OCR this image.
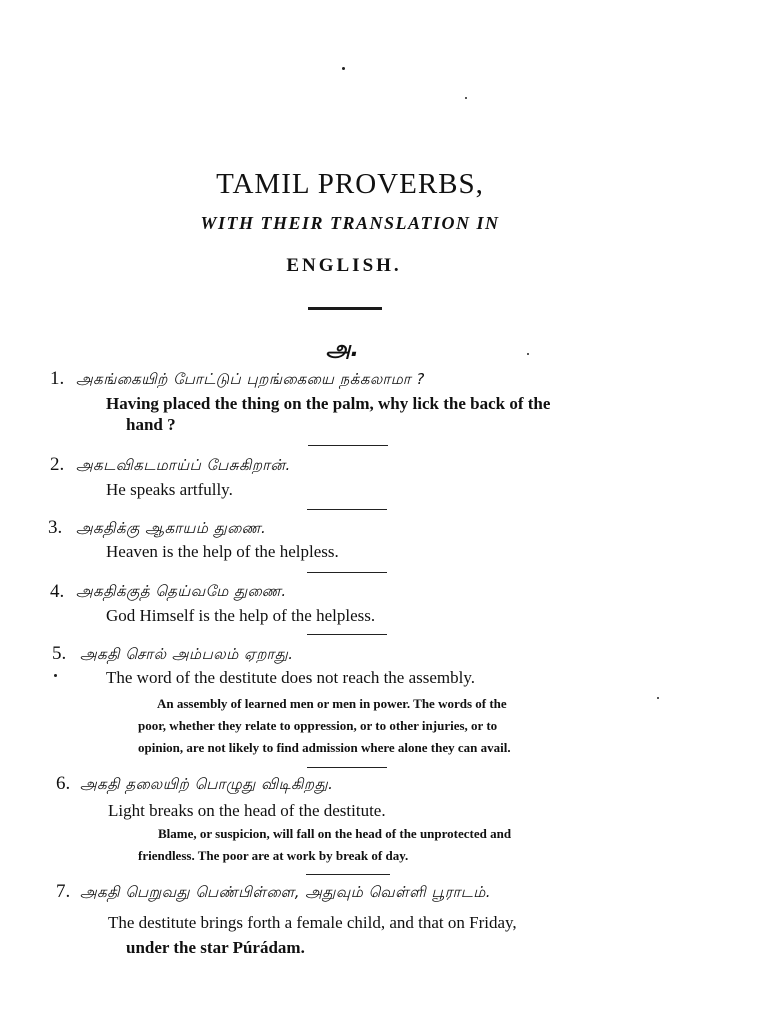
TAMIL PROVERBS,
WITH THEIR TRANSLATION IN
ENGLISH.
அ.
1. அகங்கையிற் போட்டுப் புறங்கையை நக்கலாமா ?
Having placed the thing on the palm, why lick the back of the
hand ?
2. அகடவிகடமாய்ப் பேசுகிறான்.
He speaks artfully.
3. அகதிக்கு ஆகாயம் துணை.
Heaven is the help of the helpless.
4. அகதிக்குத் தெய்வமே துணை.
God Himself is the help of the helpless.
5. அகதி சொல் அம்பலம் ஏறாது.
The word of the destitute does not reach the assembly.
An assembly of learned men or men in power. The words of the
poor, whether they relate to oppression, or to other injuries, or to
opinion, are not likely to find admission where alone they can avail.
6. அகதி தலையிற் பொழுது விடிகிறது.
Light breaks on the head of the destitute.
Blame, or suspicion, will fall on the head of the unprotected and
friendless. The poor are at work by break of day.
7. அகதி பெறுவது பெண்பிள்ளை, அதுவும் வெள்ளி பூராடம்.
The destitute brings forth a female child, and that on Friday,
under the star Púrádam.
